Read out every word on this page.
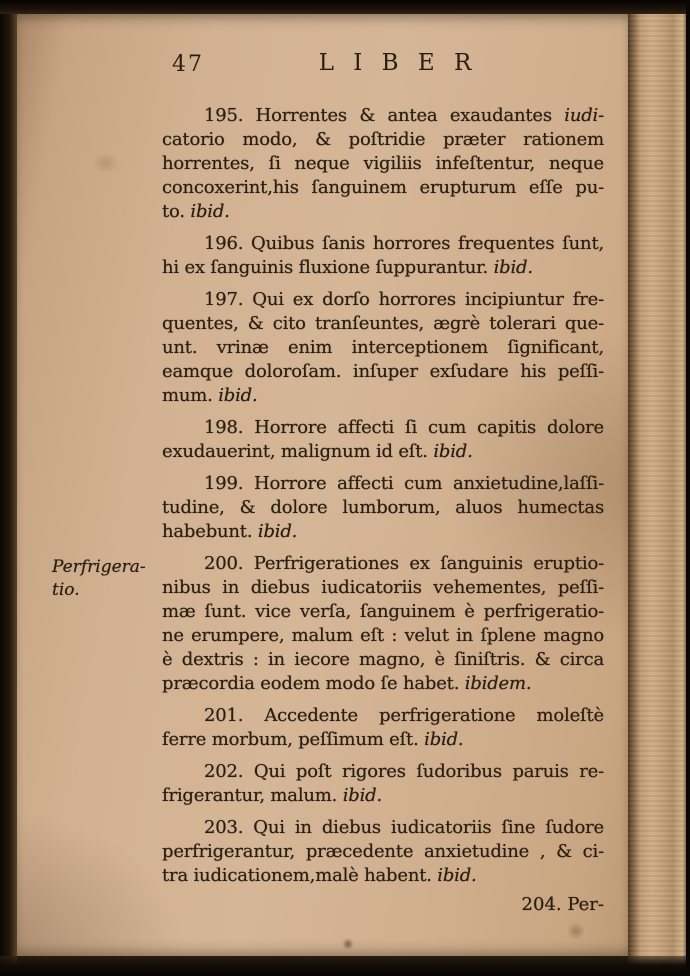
47	L I B E R
195. Horrentes & antea exaudantes iudi-
catorio modo, & poſtridie præter rationem
horrentes, ſi neque vigiliis infeſtentur, neque
concoxerint,his ſanguinem erupturum eſſe pu-
to. ibid.
196. Quibus ſanis horrores frequentes ſunt,
hi ex ſanguinis fluxione ſuppurantur. ibid.
197. Qui ex dorſo horrores incipiuntur fre-
quentes, & cito tranſeuntes, ægrè tolerari que-
unt. vrinæ enim interceptionem ſignificant,
eamque doloroſam. inſuper exſudare his peſſi-
mum. ibid.
198. Horrore affecti ſi cum capitis dolore
exudauerint, malignum id eſt. ibid.
199. Horrore affecti cum anxietudine,laſſi-
tudine, & dolore lumborum, aluos humectas
habebunt. ibid.
200. Perfrigerationes ex ſanguinis eruptio-
nibus in diebus iudicatoriis vehementes, peſſi-
mæ ſunt. vice verſa, ſanguinem è perfrigeratio-
ne erumpere, malum eſt : velut in ſplene magno
è dextris : in iecore magno, è ſiniſtris. & circa
præcordia eodem modo ſe habet. ibidem.
201. Accedente perfrigeratione moleſtè
ferre morbum, peſſimum eſt. ibid.
202. Qui poſt rigores ſudoribus paruis re-
frigerantur, malum. ibid.
203. Qui in diebus iudicatoriis ſine ſudore
perfrigerantur, præcedente anxietudine , & ci-
tra iudicationem,malè habent. ibid.
204. Per-
Perfrigera-
tio.
